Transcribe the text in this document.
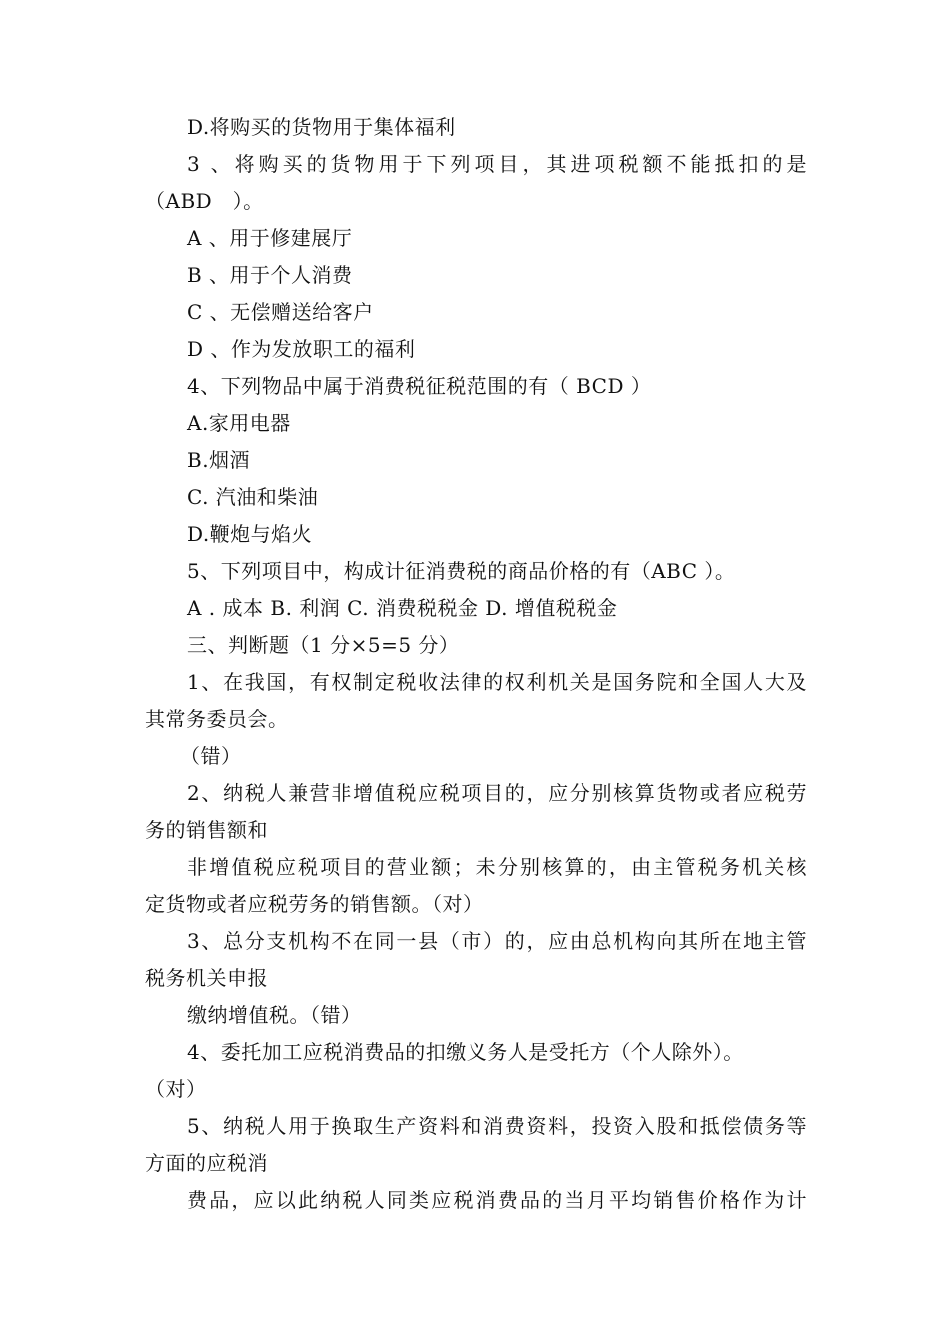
D.将购买的货物用于集体福利
3 、将购买的货物用于下列项目，其进项税额不能抵扣的是
（ABD　）。
A 、用于修建展厅
B 、用于个人消费
C 、无偿赠送给客户
D 、作为发放职工的福利
4、下列物品中属于消费税征税范围的有（ BCD ）
A.家用电器
B.烟酒
C. 汽油和柴油
D.鞭炮与焰火
5、下列项目中，构成计征消费税的商品价格的有（ABC ）。
A . 成本 B. 利润 C. 消费税税金 D. 增值税税金
三、判断题（1 分×5=5 分）
1、在我国，有权制定税收法律的权利机关是国务院和全国人大及
其常务委员会。
（错）
2、纳税人兼营非增值税应税项目的，应分别核算货物或者应税劳
务的销售额和
非增值税应税项目的营业额；未分别核算的，由主管税务机关核
定货物或者应税劳务的销售额。（对）
3、总分支机构不在同一县（市）的，应由总机构向其所在地主管
税务机关申报
缴纳增值税。（错）
4、委托加工应税消费品的扣缴义务人是受托方（个人除外）。
（对）
5、纳税人用于换取生产资料和消费资料，投资入股和抵偿债务等
方面的应税消
费品，应以此纳税人同类应税消费品的当月平均销售价格作为计
